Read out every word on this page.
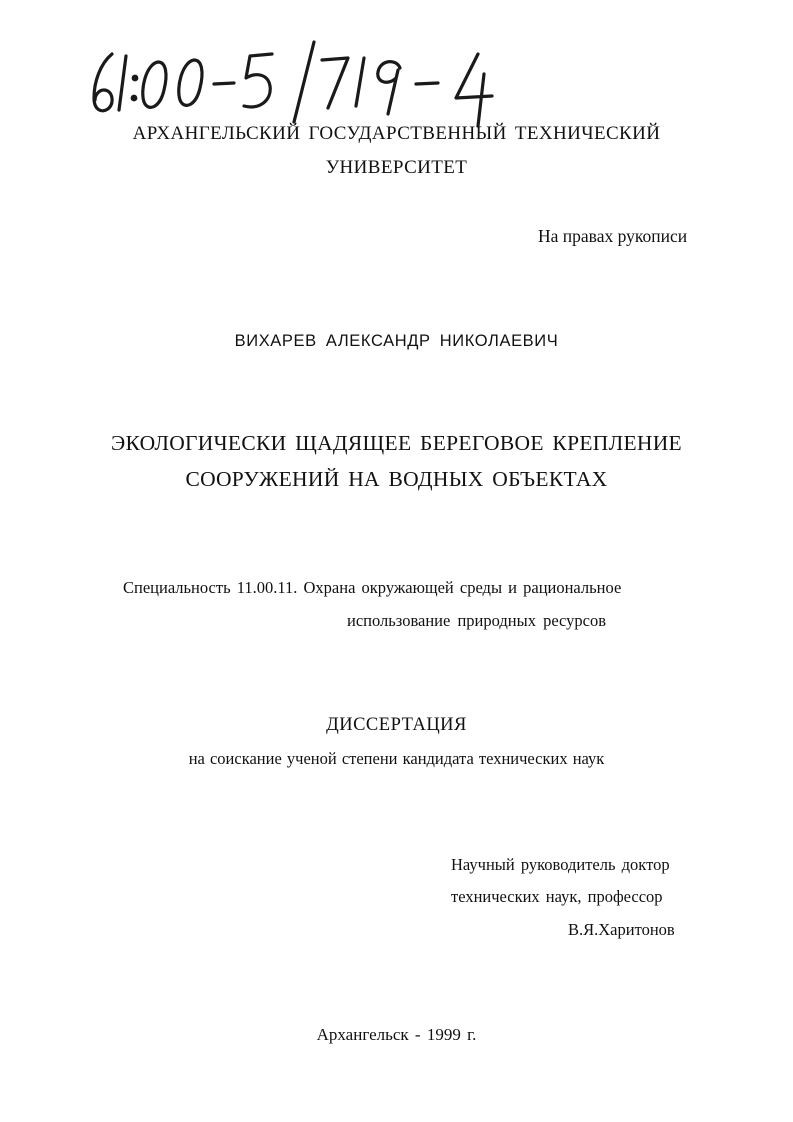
АРХАНГЕЛЬСКИЙ ГОСУДАРСТВЕННЫЙ ТЕХНИЧЕСКИЙ
УНИВЕРСИТЕТ
На правах рукописи
ВИХАРЕВ АЛЕКСАНДР НИКОЛАЕВИЧ
ЭКОЛОГИЧЕСКИ ЩАДЯЩЕЕ БЕРЕГОВОЕ КРЕПЛЕНИЕ
СООРУЖЕНИЙ НА ВОДНЫХ ОБЪЕКТАХ
Специальность 11.00.11. Охрана окружающей среды и рациональное
использование природных ресурсов
ДИССЕРТАЦИЯ
на соискание ученой степени кандидата технических наук
Научный руководитель доктор
технических наук, профессор
В.Я.Харитонов
Архангельск - 1999 г.
